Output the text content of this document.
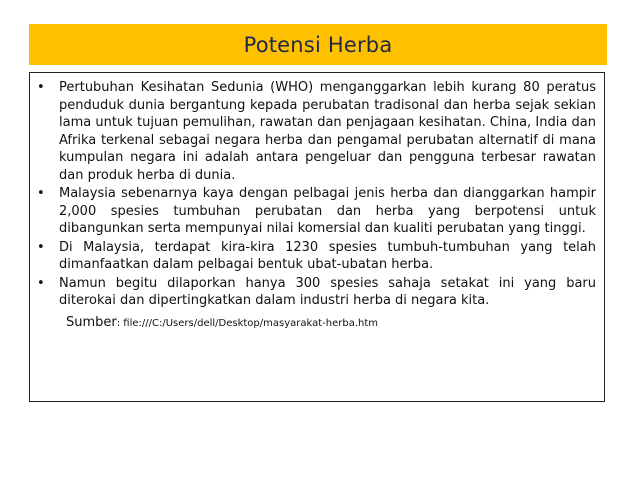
Potensi Herba
• Pertubuhan Kesihatan Sedunia (WHO) menganggarkan lebih kurang 80 peratus penduduk dunia bergantung kepada perubatan tradisonal dan herba sejak sekian lama untuk tujuan pemulihan, rawatan dan penjagaan kesihatan. China, India dan Afrika terkenal sebagai negara herba dan pengamal perubatan alternatif di mana kumpulan negara ini adalah antara pengeluar dan pengguna terbesar rawatan dan produk herba di dunia.
• Malaysia sebenarnya kaya dengan pelbagai jenis herba dan dianggarkan hampir 2,000 spesies tumbuhan perubatan dan herba yang berpotensi untuk dibangunkan serta mempunyai nilai komersial dan kualiti perubatan yang tinggi.
• Di Malaysia, terdapat kira-kira 1230 spesies tumbuh-tumbuhan yang telah dimanfaatkan dalam pelbagai bentuk ubat-ubatan herba.
• Namun begitu dilaporkan hanya 300 spesies sahaja setakat ini yang baru diterokai dan dipertingkatkan dalam industri herba di negara kita.
Sumber: file:///C:/Users/dell/Desktop/masyarakat-herba.htm
